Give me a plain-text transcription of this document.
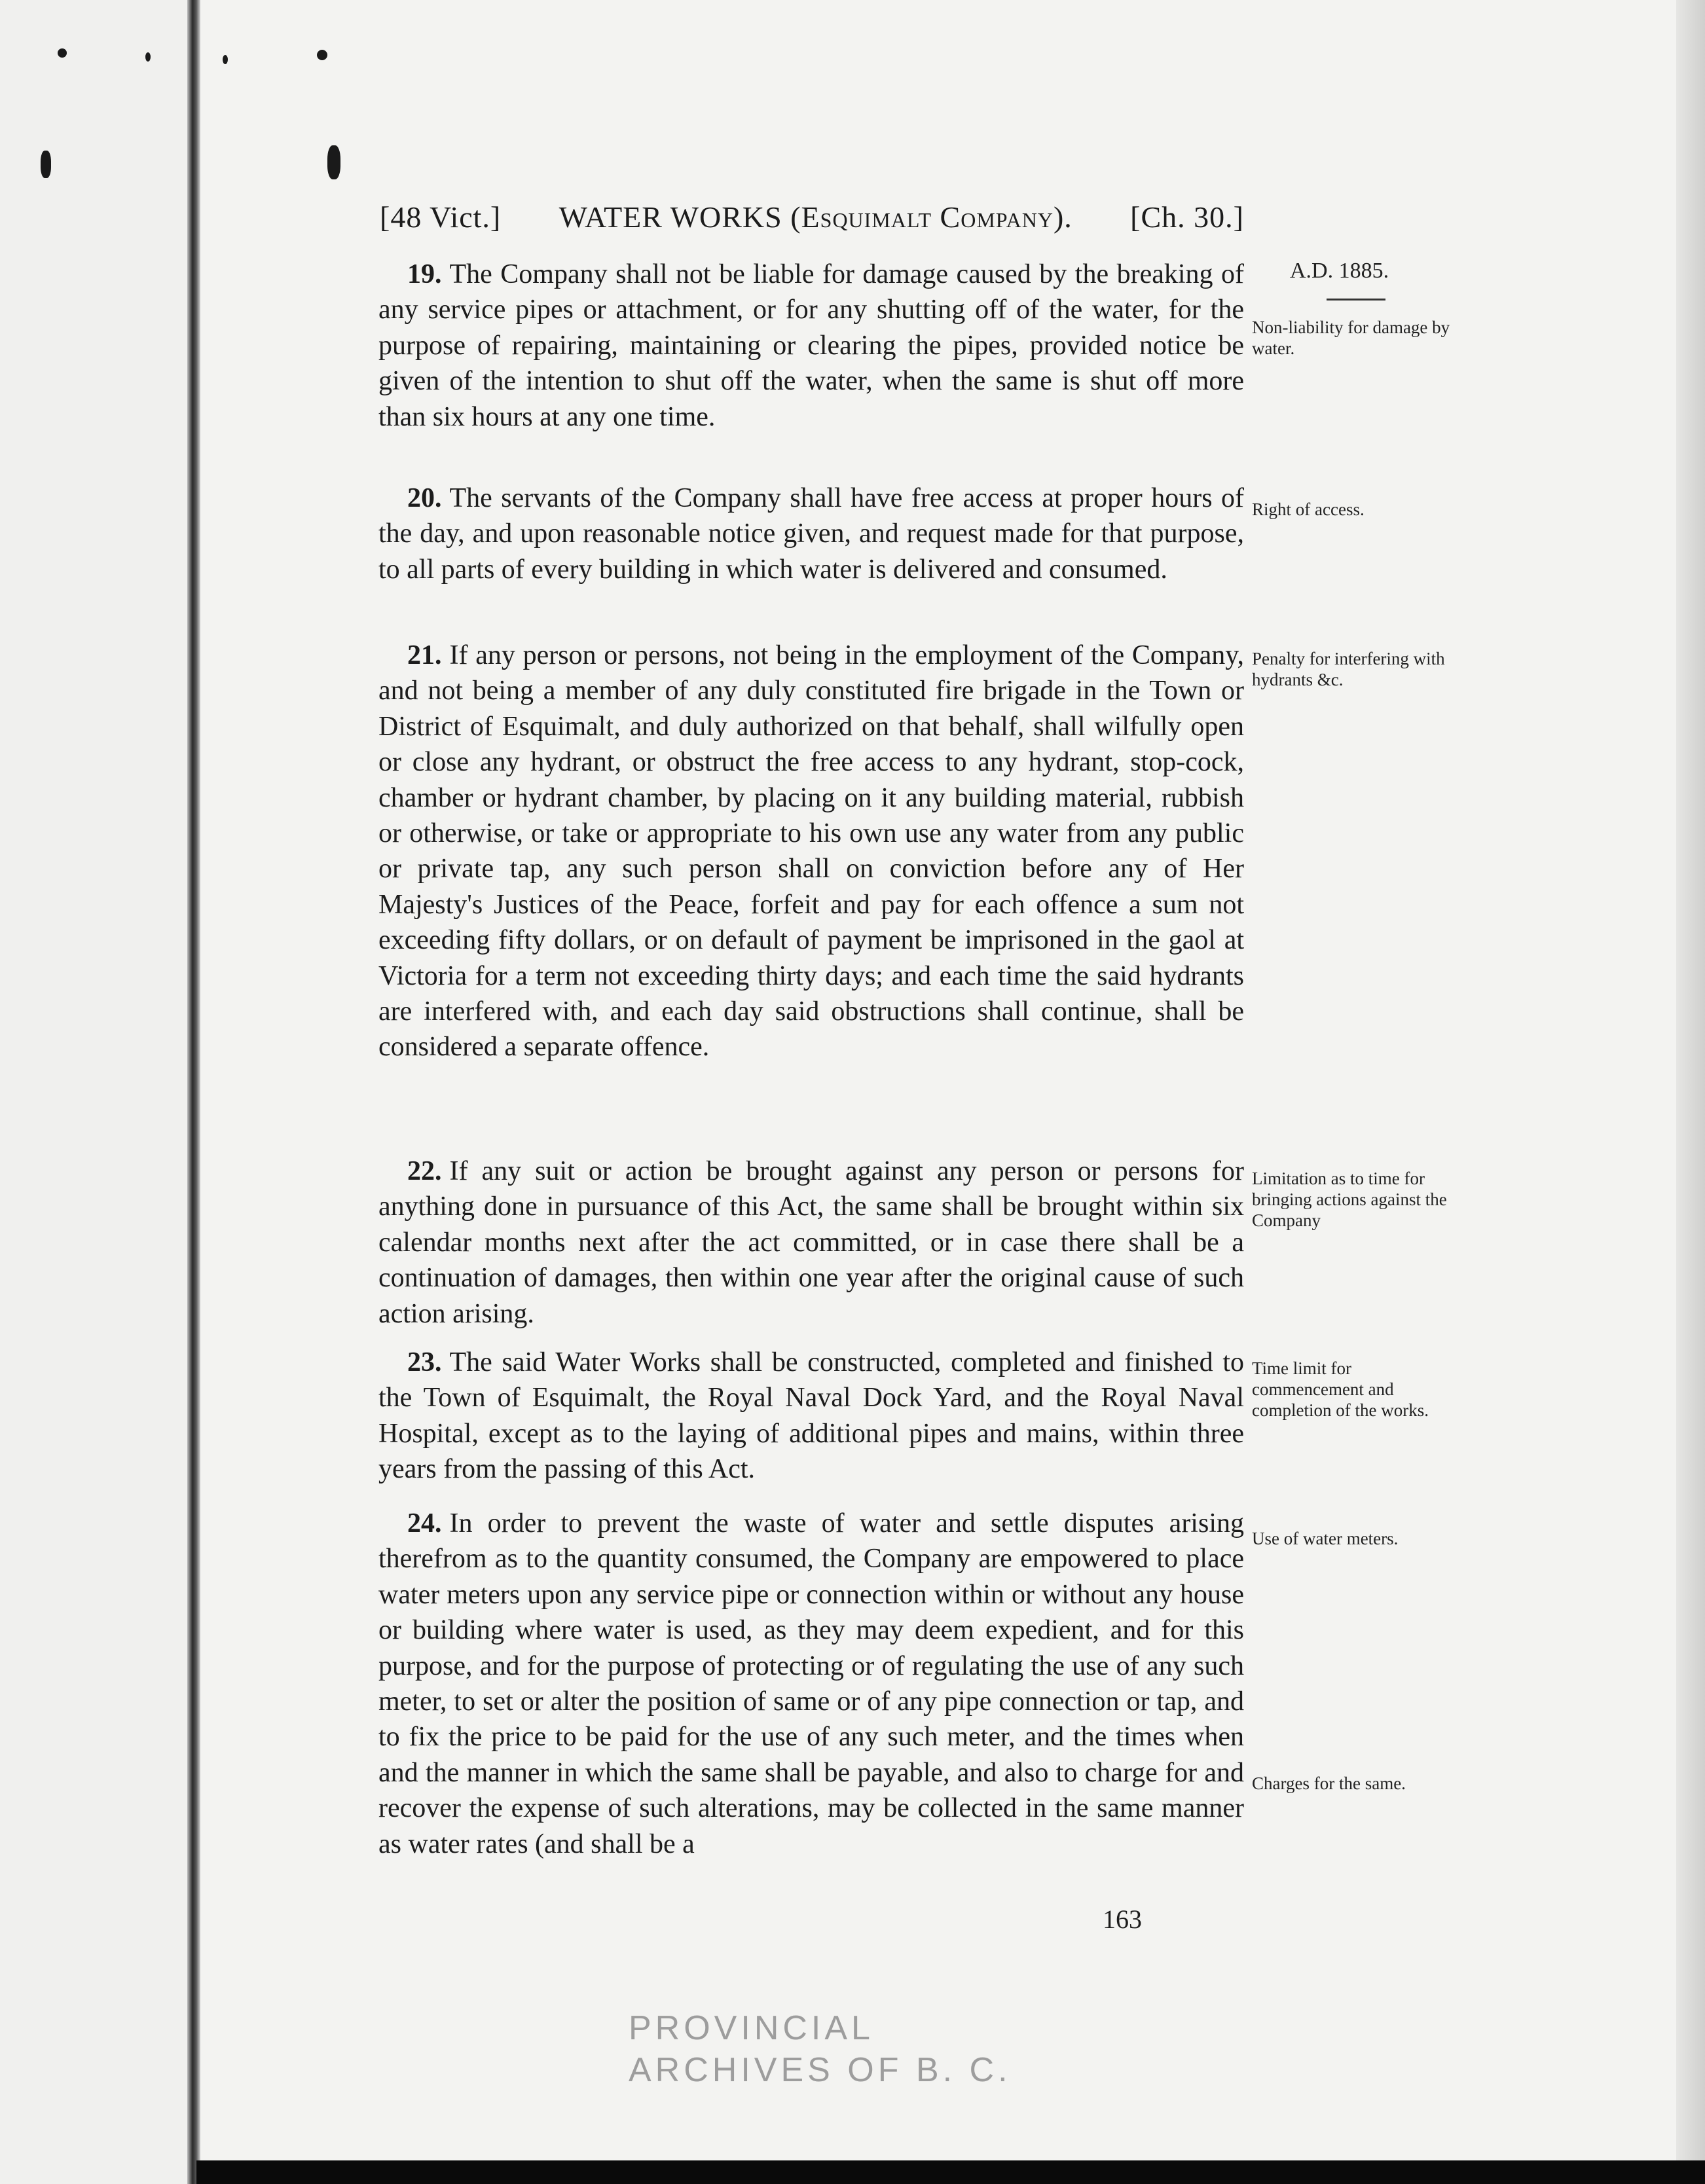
[48 Vict.] WATER WORKS (Esquimalt Company). [Ch. 30.]
A.D. 1885.
19. The Company shall not be liable for damage caused by the breaking of any service pipes or attachment, or for any shutting off of the water, for the purpose of repairing, maintaining or clearing the pipes, provided notice be given of the intention to shut off the water, when the same is shut off more than six hours at any one time.
Non-liability for damage by water.
20. The servants of the Company shall have free access at proper hours of the day, and upon reasonable notice given, and request made for that purpose, to all parts of every building in which water is delivered and consumed.
Right of access.
21. If any person or persons, not being in the employment of the Company, and not being a member of any duly constituted fire brigade in the Town or District of Esquimalt, and duly authorized on that behalf, shall wilfully open or close any hydrant, or obstruct the free access to any hydrant, stop-cock, chamber or hydrant chamber, by placing on it any building material, rubbish or otherwise, or take or appropriate to his own use any water from any public or private tap, any such person shall on conviction before any of Her Majesty's Justices of the Peace, forfeit and pay for each offence a sum not exceeding fifty dollars, or on default of payment be imprisoned in the gaol at Victoria for a term not exceeding thirty days; and each time the said hydrants are interfered with, and each day said obstructions shall continue, shall be considered a separate offence.
Penalty for interfering with hydrants &c.
22. If any suit or action be brought against any person or persons for anything done in pursuance of this Act, the same shall be brought within six calendar months next after the act committed, or in case there shall be a continuation of damages, then within one year after the original cause of such action arising.
Limitation as to time for bringing actions against the Company
23. The said Water Works shall be constructed, completed and finished to the Town of Esquimalt, the Royal Naval Dock Yard, and the Royal Naval Hospital, except as to the laying of additional pipes and mains, within three years from the passing of this Act.
Time limit for commencement and completion of the works.
24. In order to prevent the waste of water and settle disputes arising therefrom as to the quantity consumed, the Company are empowered to place water meters upon any service pipe or connection within or without any house or building where water is used, as they may deem expedient, and for this purpose, and for the purpose of protecting or of regulating the use of any such meter, to set or alter the position of same or of any pipe connection or tap, and to fix the price to be paid for the use of any such meter, and the times when and the manner in which the same shall be payable, and also to charge for and recover the expense of such alterations, may be collected in the same manner as water rates (and shall be a
Use of water meters.
Charges for the same.
163
PROVINCIAL ARCHIVES OF B. C.
